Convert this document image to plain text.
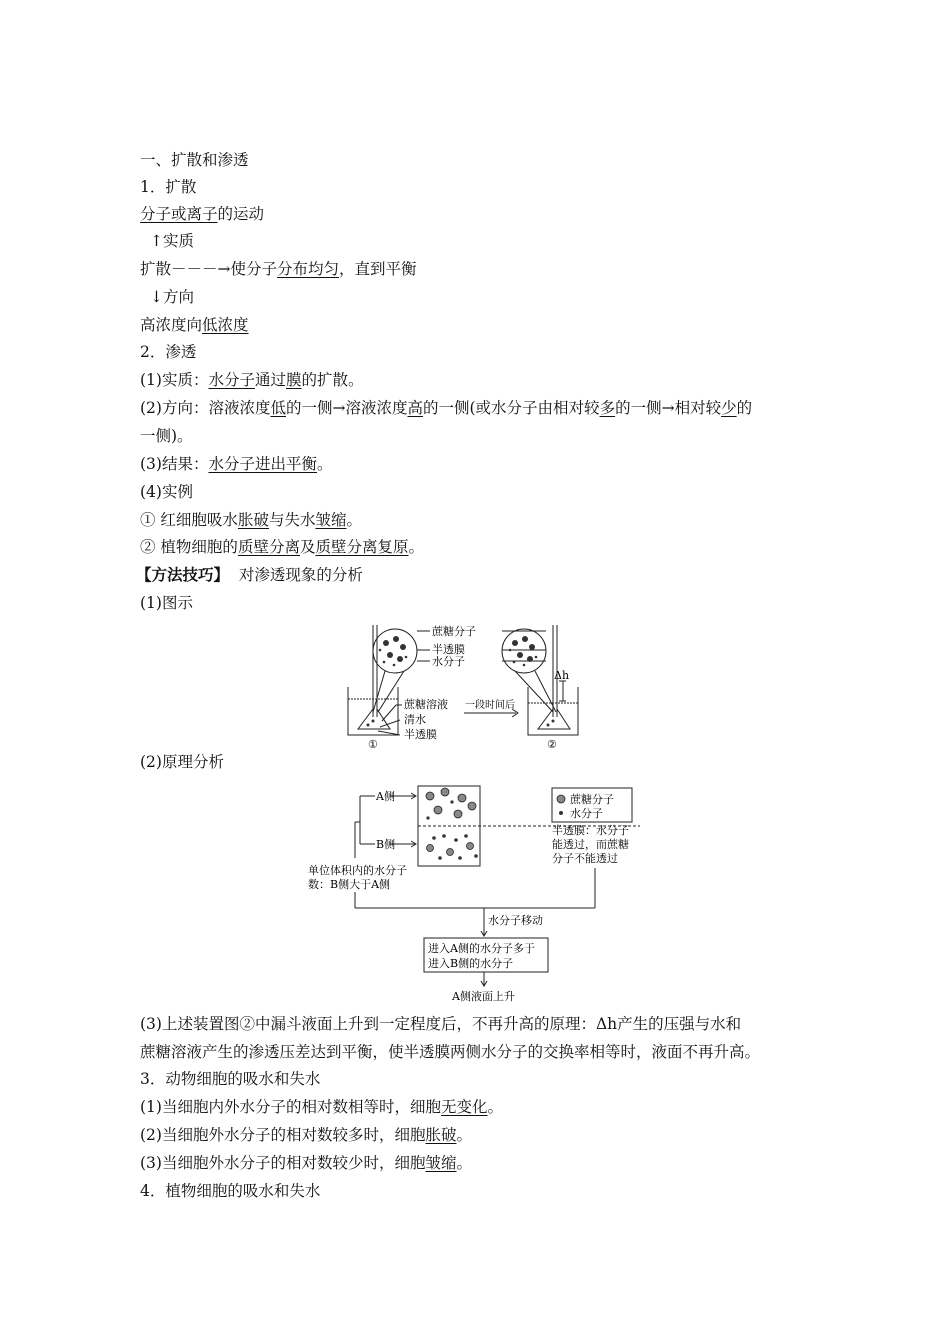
一、扩散和渗透
1．扩散
分子或离子的运动
↑实质
扩散－－－→使分子分布均匀，直到平衡
↓方向
高浓度向低浓度
2．渗透
(1)实质：水分子通过膜的扩散。
(2)方向：溶液浓度低的一侧→溶液浓度高的一侧(或水分子由相对较多的一侧→相对较少的
一侧)。
(3)结果：水分子进出平衡。
(4)实例
① 红细胞吸水胀破与失水皱缩。
② 植物细胞的质壁分离及质壁分离复原。
【方法技巧】 对渗透现象的分析
(1)图示
蔗糖分子
半透膜
水分子
蔗糖溶液
清水
半透膜
一段时间后
Δh
①	②
(2)原理分析
A侧
B侧
蔗糖分子
水分子
半透膜：水分子
能透过，而蔗糖
分子不能透过
单位体积内的水分子
数：B侧大于A侧
水分子移动
进入A侧的水分子多于
进入B侧的水分子
A侧液面上升
(3)上述装置图②中漏斗液面上升到一定程度后，不再升高的原理：Δh产生的压强与水和
蔗糖溶液产生的渗透压差达到平衡，使半透膜两侧水分子的交换率相等时，液面不再升高。
3．动物细胞的吸水和失水
(1)当细胞内外水分子的相对数相等时，细胞无变化。
(2)当细胞外水分子的相对数较多时，细胞胀破。
(3)当细胞外水分子的相对数较少时，细胞皱缩。
4．植物细胞的吸水和失水
